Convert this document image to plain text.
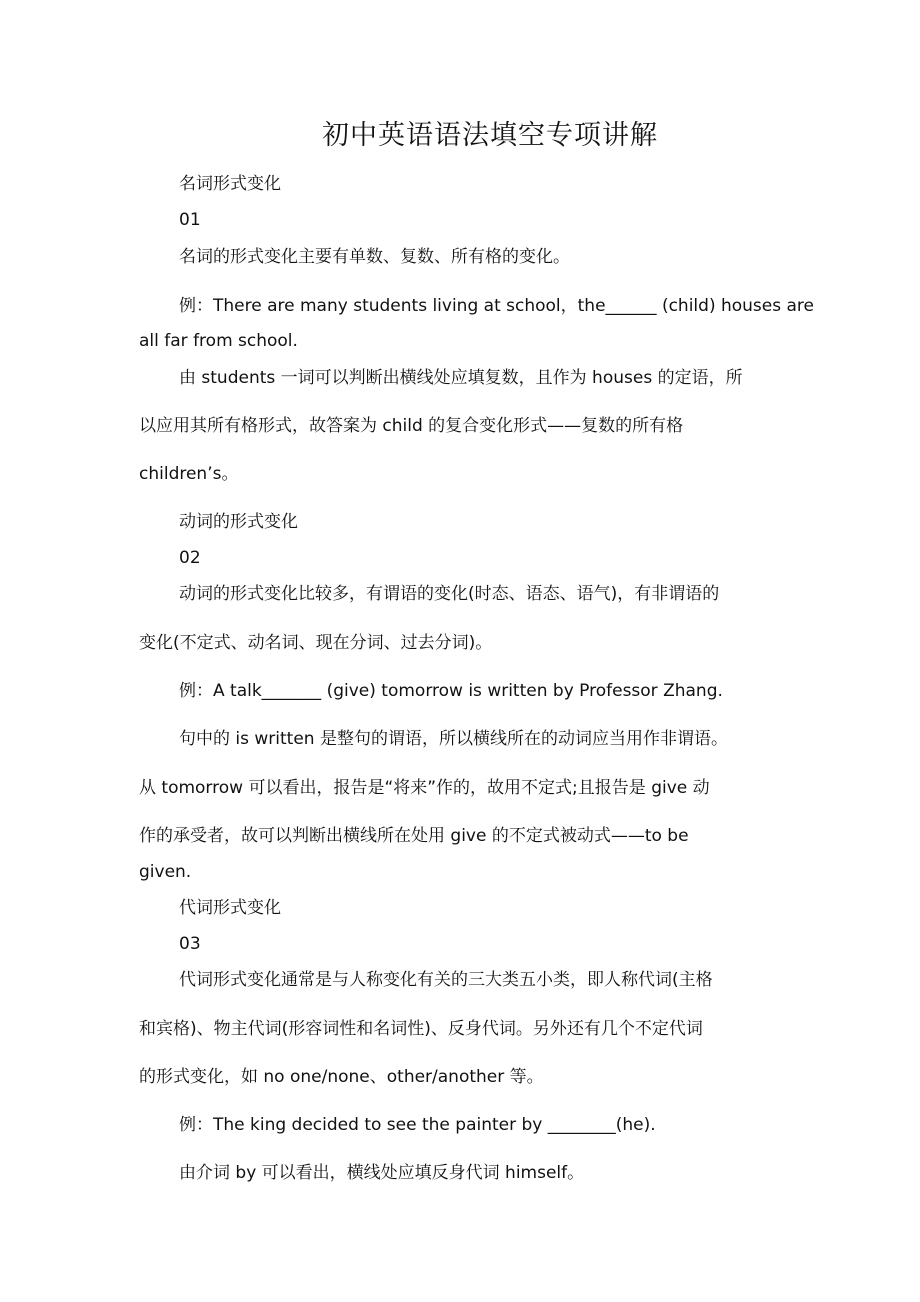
初中英语语法填空专项讲解
名词形式变化
01
名词的形式变化主要有单数、复数、所有格的变化。
例：There are many students living at school，the______ (child) houses are
all far from school.
由 students 一词可以判断出横线处应填复数，且作为 houses 的定语，所
以应用其所有格形式，故答案为 child 的复合变化形式——复数的所有格
children’s。
动词的形式变化
02
动词的形式变化比较多，有谓语的变化(时态、语态、语气)，有非谓语的
变化(不定式、动名词、现在分词、过去分词)。
例：A talk_______ (give) tomorrow is written by Professor Zhang.
句中的 is written 是整句的谓语，所以横线所在的动词应当用作非谓语。
从 tomorrow 可以看出，报告是“将来”作的，故用不定式;且报告是 give 动
作的承受者，故可以判断出横线所在处用 give 的不定式被动式——to be
given.
代词形式变化
03
代词形式变化通常是与人称变化有关的三大类五小类，即人称代词(主格
和宾格)、物主代词(形容词性和名词性)、反身代词。另外还有几个不定代词
的形式变化，如 no one/none、other/another 等。
例：The king decided to see the painter by ________(he).
由介词 by 可以看出，横线处应填反身代词 himself。
